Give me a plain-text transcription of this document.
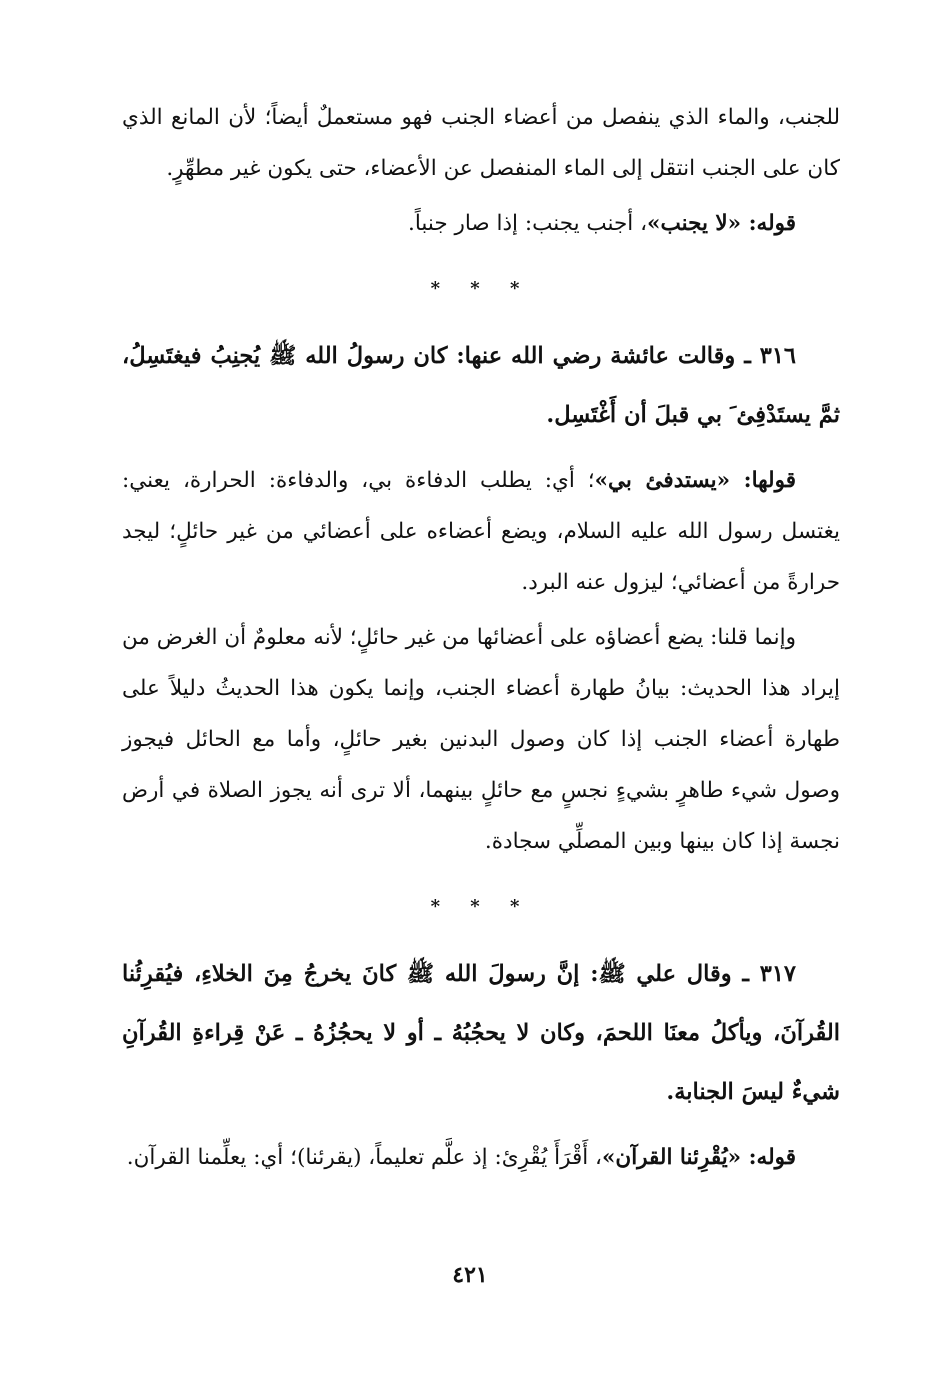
للجنب، والماء الذي ينفصل من أعضاء الجنب فهو مستعملٌ أيضاً؛ لأن المانع الذي كان على الجنب انتقل إلى الماء المنفصل عن الأعضاء، حتى يكون غير مطهِّرٍ.

قوله: «لا يجنب»، أجنب يجنب: إذا صار جنباً.

* * *

٣١٦ ـ وقالت عائشة رضي الله عنها: كان رسولُ الله ﷺ يُجنِبُ فيغتَسِلُ، ثمَّ يستَدْفِئ َ بي قبلَ أن أَغْتَسِل.

قولها: «يستدفئ بي»؛ أي: يطلب الدفاءة بي، والدفاءة: الحرارة، يعني: يغتسل رسول الله عليه السلام، ويضع أعضاءه على أعضائي من غير حائلٍ؛ ليجد حرارةً من أعضائي؛ ليزول عنه البرد.

وإنما قلنا: يضع أعضاؤه على أعضائها من غير حائلٍ؛ لأنه معلومٌ أن الغرض من إيراد هذا الحديث: بيانُ طهارة أعضاء الجنب، وإنما يكون هذا الحديثُ دليلاً على طهارة أعضاء الجنب إذا كان وصول البدنين بغير حائلٍ، وأما مع الحائل فيجوز وصول شيء طاهرٍ بشيءٍ نجسٍ مع حائلٍ بينهما، ألا ترى أنه يجوز الصلاة في أرض نجسة إذا كان بينها وبين المصلِّي سجادة.

* * *

٣١٧ ـ وقال علي ﷺ: إنَّ رسولَ الله ﷺ كانَ يخرجُ مِنَ الخلاءِ، فيُقرِئُنا القُرآنَ، ويأكلُ معنَا اللحمَ، وكان لا يحجُبُهُ ـ أو لا يحجُزُهُ ـ عَنْ قِراءةِ القُرآنِ شيءٌ ليسَ الجنابة.

قوله: «يُقْرِئنا القرآن»، أَقْرَأَ يُقْرِئ: إذ علَّم تعليماً، (يقرئنا)؛ أي: يعلِّمنا القرآن.

٤٢١
